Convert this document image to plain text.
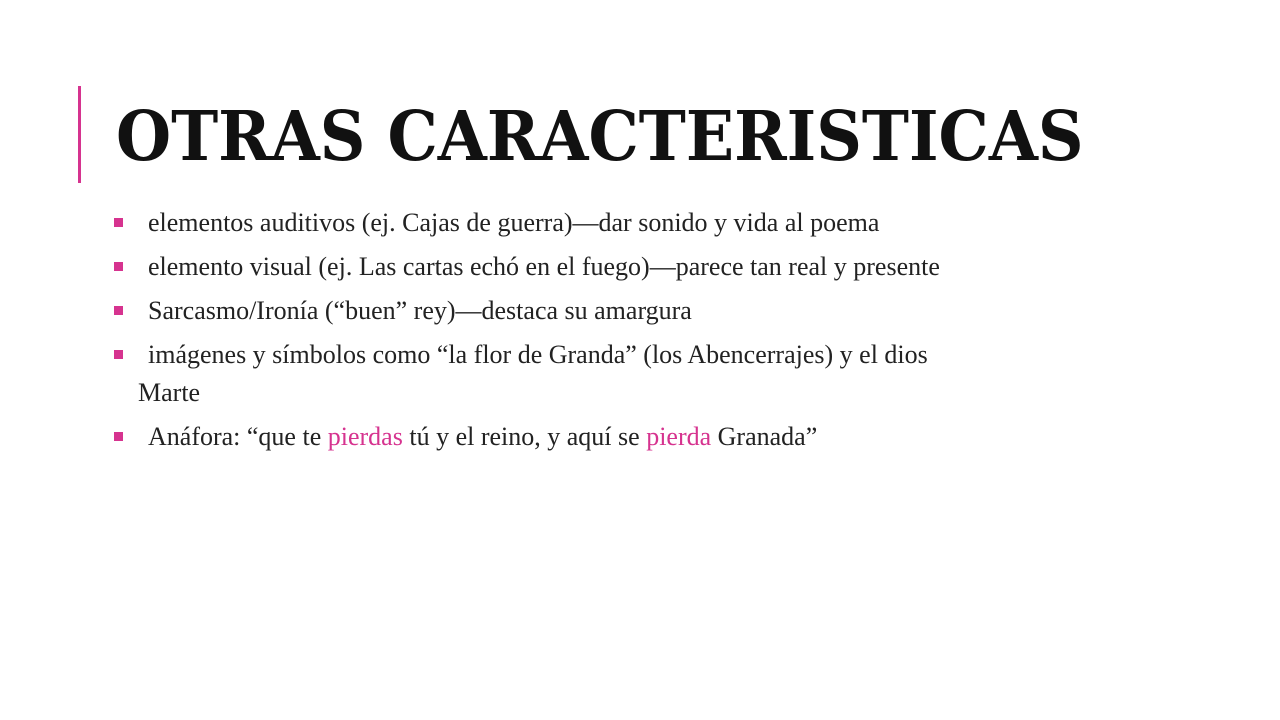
OTRAS CARACTERISTICAS
elementos auditivos (ej. Cajas de guerra)—dar sonido y vida al poema
elemento visual (ej. Las cartas echó en el fuego)—parece tan real y presente
Sarcasmo/Ironía (“buen” rey)—destaca su amargura
imágenes y símbolos como “la flor de Granda” (los Abencerrajes) y el dios
Marte
Anáfora: “que te pierdas tú y el reino, y aquí se pierda Granada”
